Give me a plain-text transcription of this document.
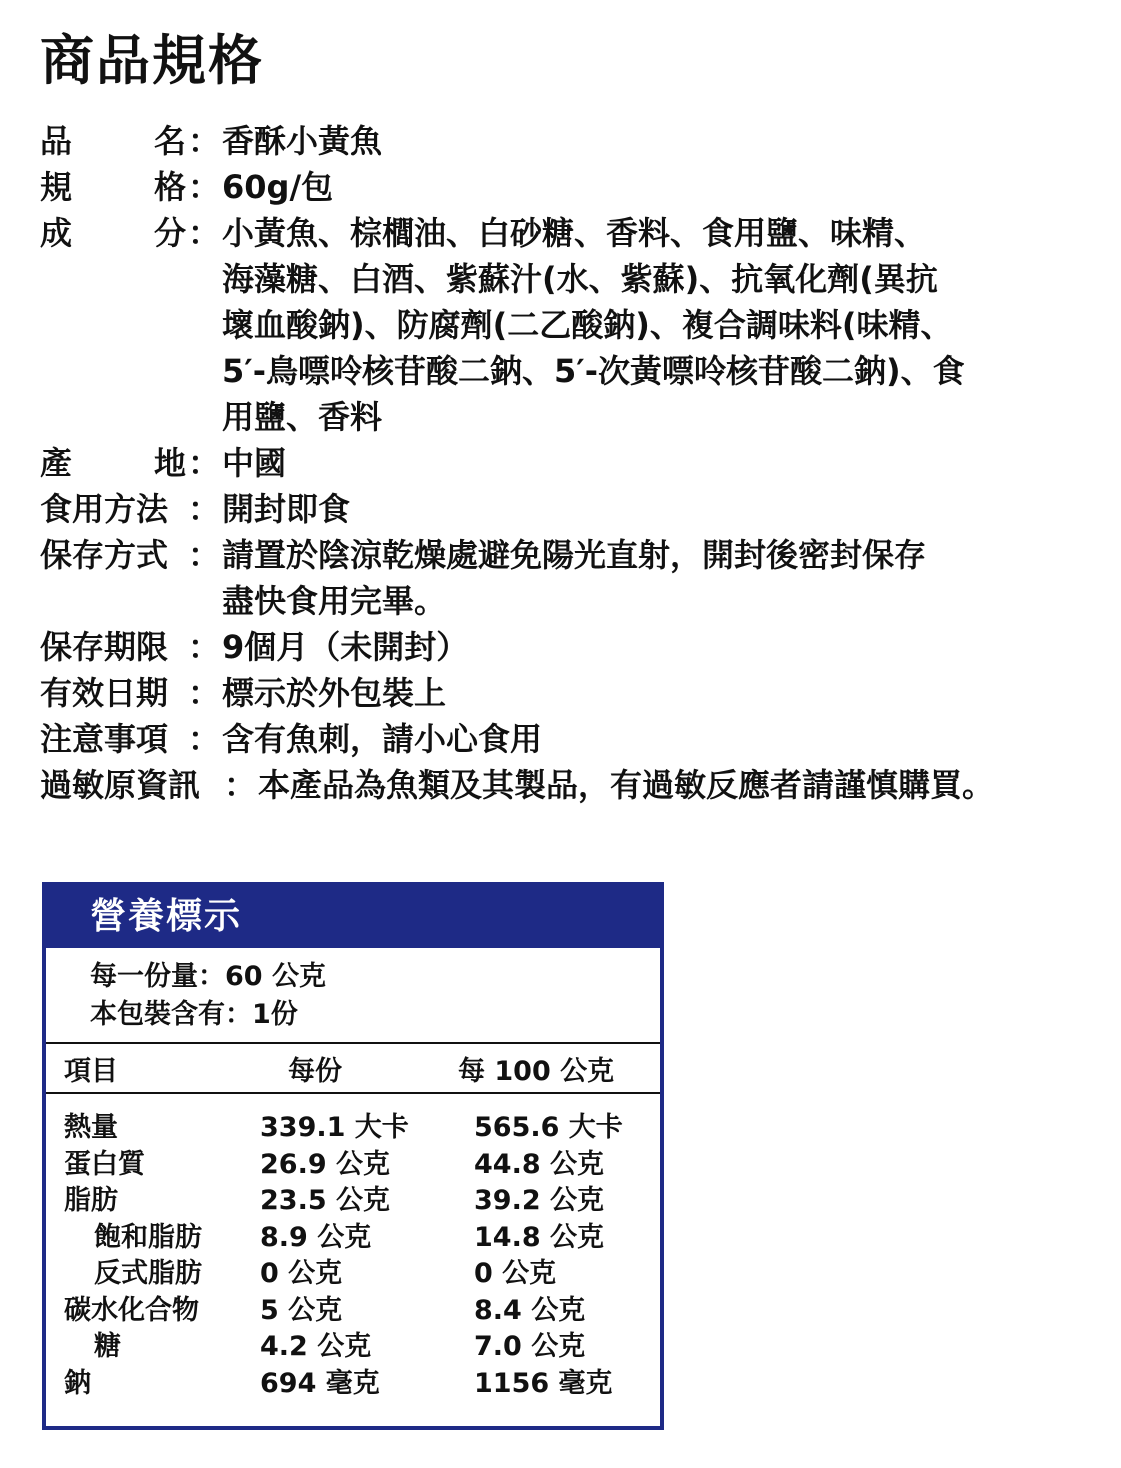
商品規格
品	名 ： 香酥小黃魚
規	格 ： 60g/包
成	分 ： 小黃魚、棕櫚油、白砂糖、香料、食用鹽、味精、
海藻糖、白酒、紫蘇汁(水、紫蘇)、抗氧化劑(異抗
壞血酸鈉)、防腐劑(二乙酸鈉)、複合調味料(味精、
5′-鳥嘌呤核苷酸二鈉、5′-次黃嘌呤核苷酸二鈉)、食
用鹽、香料
產	地 ： 中國
食用方法 ： 開封即食
保存方式 ： 請置於陰涼乾燥處避免陽光直射，開封後密封保存
盡快食用完畢。
保存期限 ： 9個月（未開封）
有效日期 ： 標示於外包裝上
注意事項 ： 含有魚刺，請小心食用
過敏原資訊 ： 本產品為魚類及其製品，有過敏反應者請謹慎購買。
營養標示
每一份量：60 公克
本包裝含有：1份
項目	每份	每 100 公克
熱量	339.1 大卡	565.6 大卡
蛋白質	26.9 公克	44.8 公克
脂肪	23.5 公克	39.2 公克
飽和脂肪	8.9 公克	14.8 公克
反式脂肪	0 公克	0 公克
碳水化合物	5 公克	8.4 公克
糖	4.2 公克	7.0 公克
鈉	694 毫克	1156 毫克
